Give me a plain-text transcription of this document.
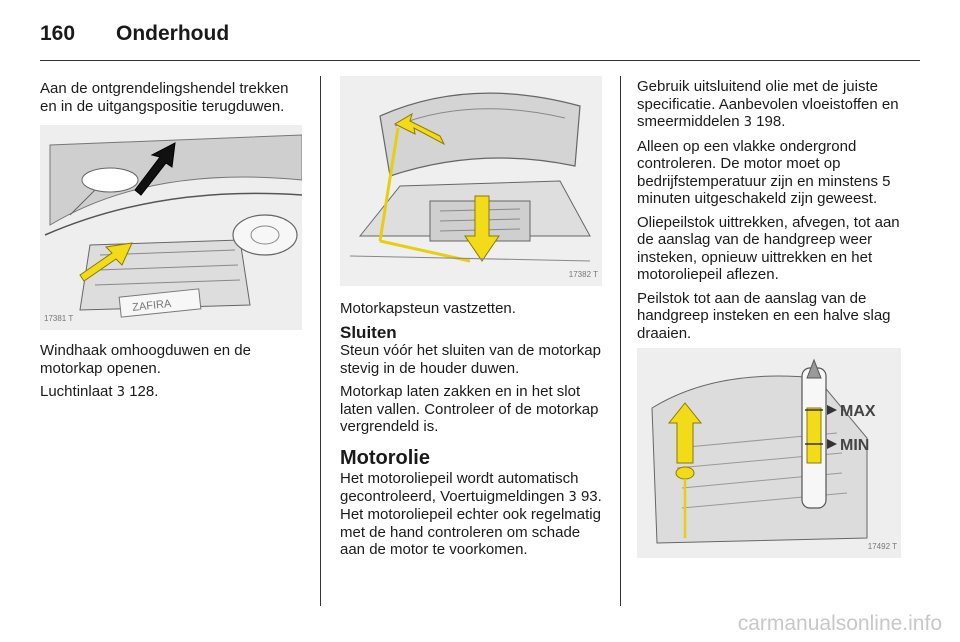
160 Onderhoud

Aan de ontgrendelingshendel trekken en in de uitgangspositie terugduwen.

ZAFIRA
17381 T

Windhaak omhoogduwen en de motorkap openen.

Luchtinlaat 3 128.

17382 T

Motorkapsteun vastzetten.

Sluiten

Steun vóór het sluiten van de motorkap stevig in de houder duwen.

Motorkap laten zakken en in het slot laten vallen. Controleer of de motorkap vergrendeld is.

Motorolie

Het motoroliepeil wordt automatisch gecontroleerd, Voertuigmeldingen 3 93. Het motoroliepeil echter ook regelmatig met de hand controleren om schade aan de motor te voorkomen.

Gebruik uitsluitend olie met de juiste specificatie. Aanbevolen vloeistoffen en smeermiddelen 3 198.

Alleen op een vlakke ondergrond controleren. De motor moet op bedrijfstemperatuur zijn en minstens 5 minuten uitgeschakeld zijn geweest.

Oliepeilstok uittrekken, afvegen, tot aan de aanslag van de handgreep weer insteken, opnieuw uittrekken en het motoroliepeil aflezen.

Peilstok tot aan de aanslag van de handgreep insteken en een halve slag draaien.

MAX
MIN
17492 T
carmanualsonline.info
